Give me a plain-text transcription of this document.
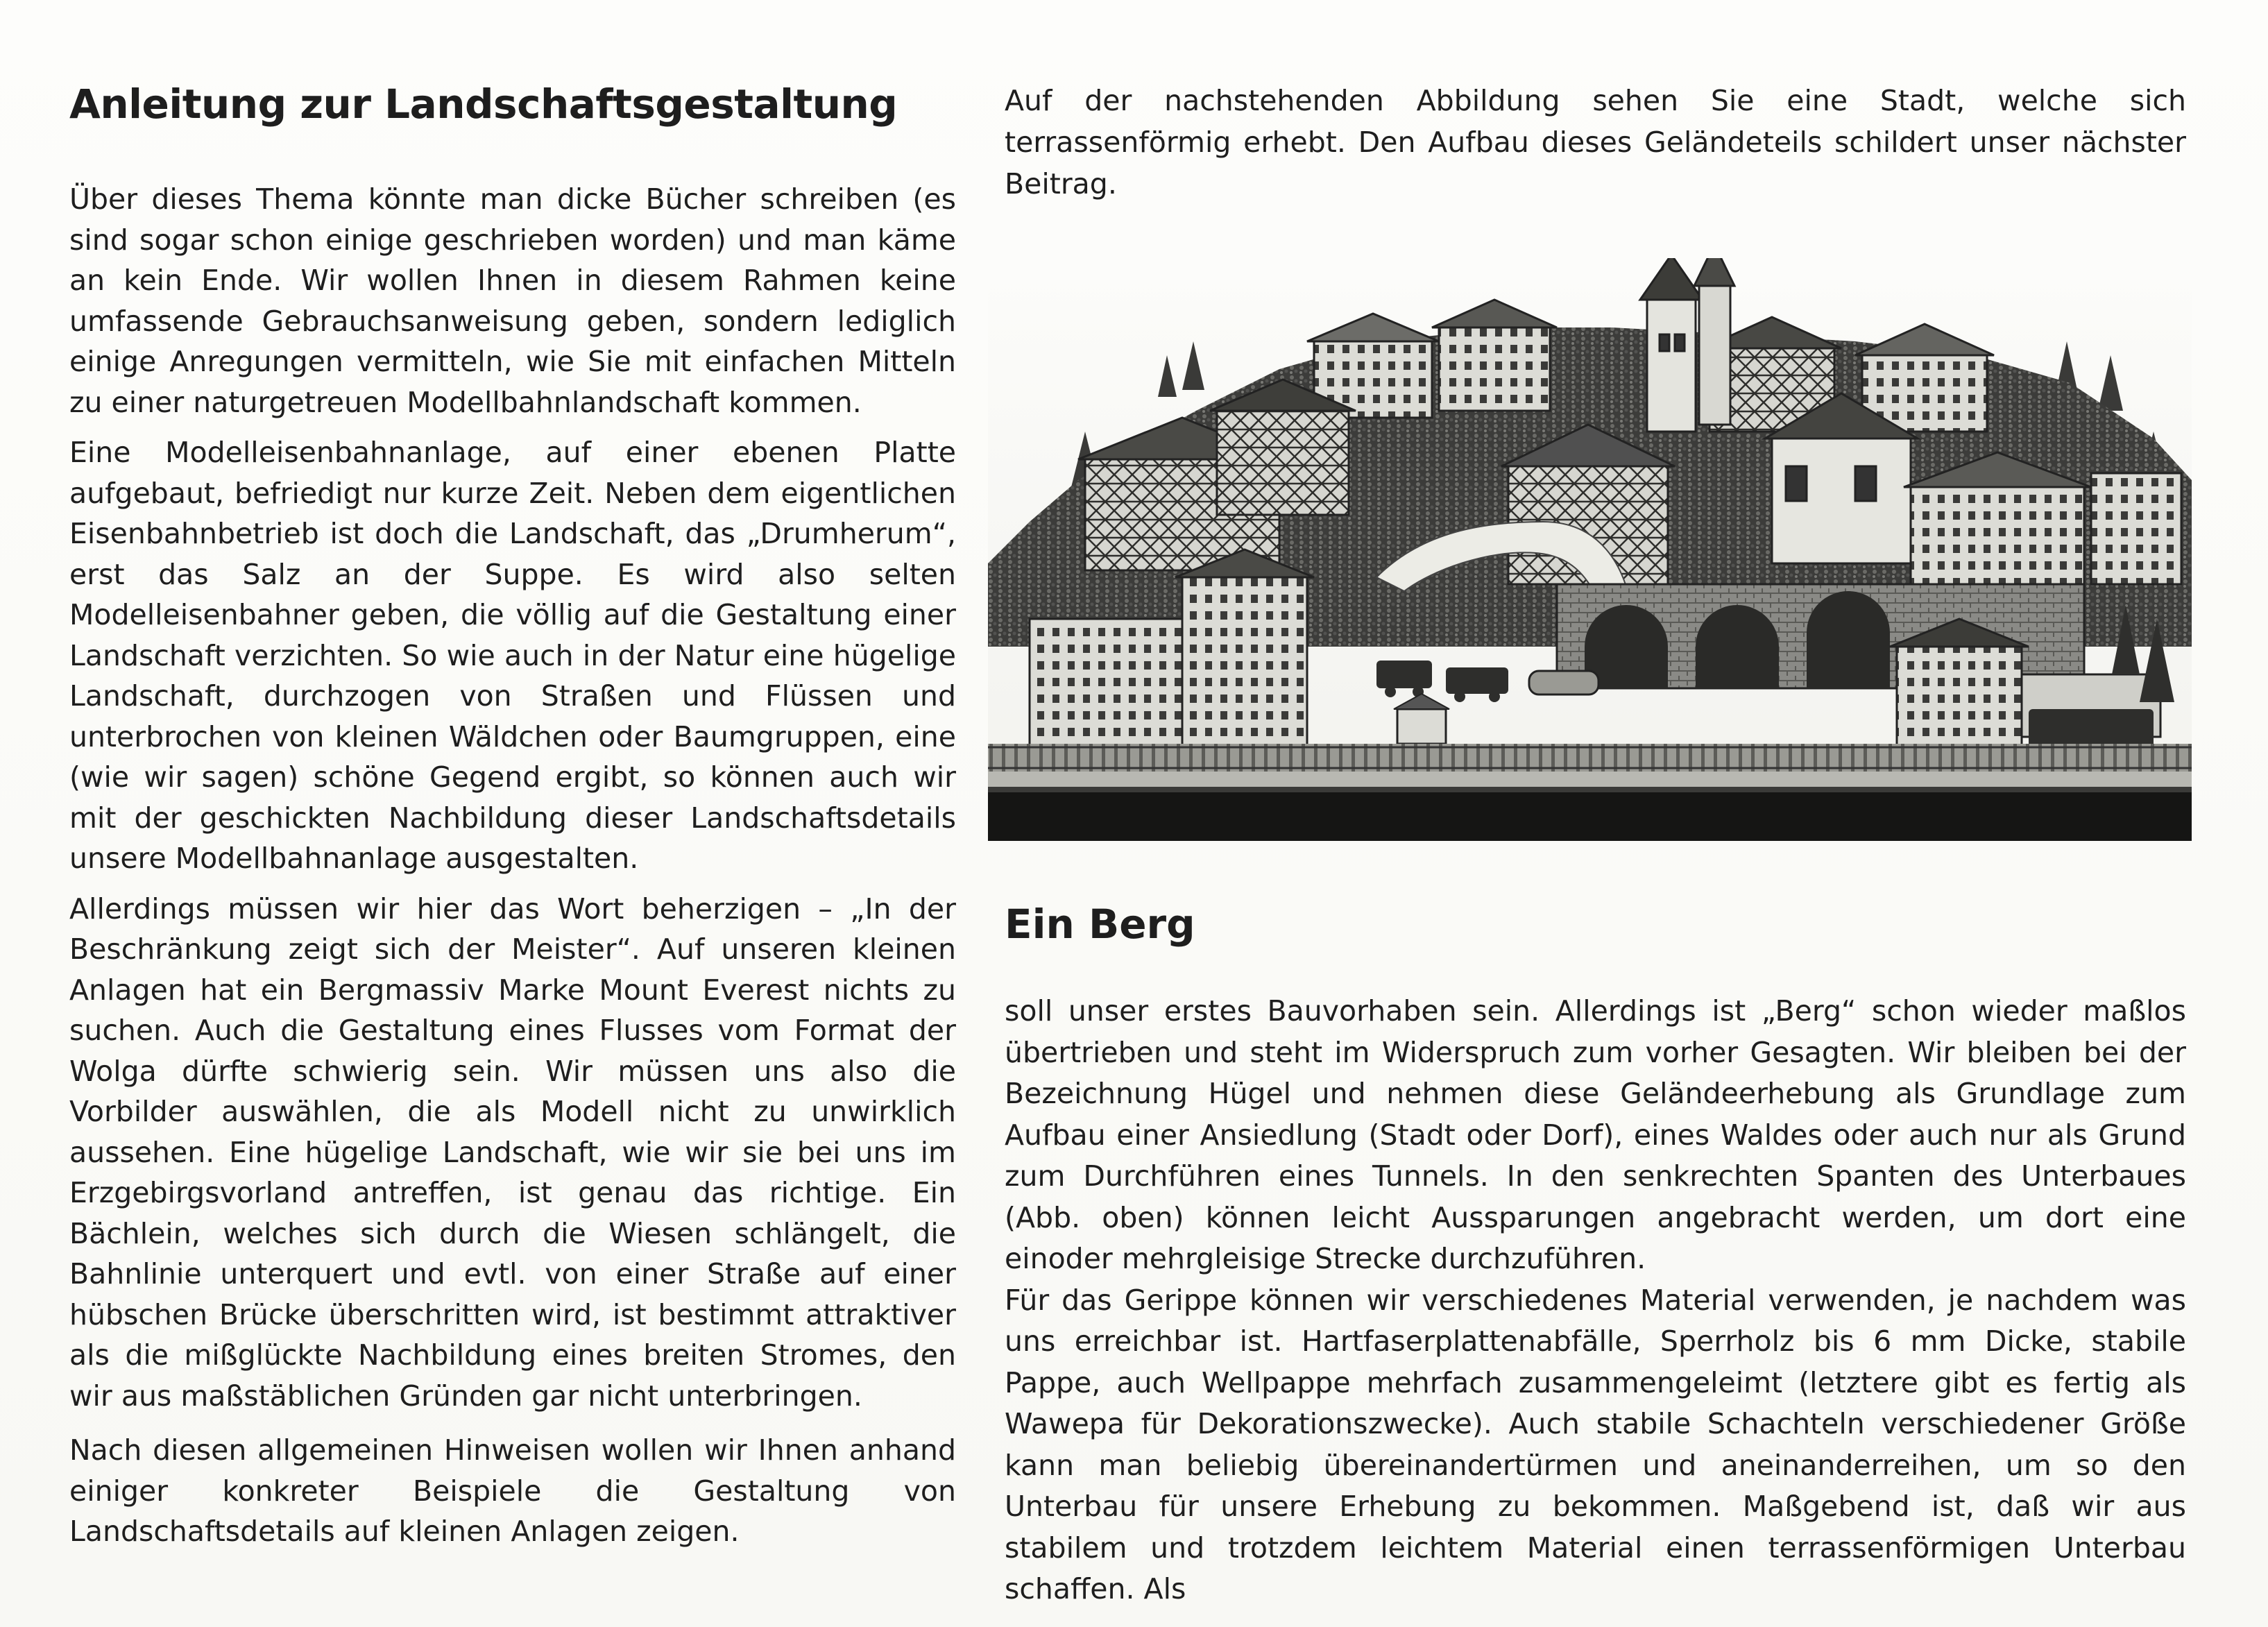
Anleitung zur Landschaftsgestaltung

Über dieses Thema könnte man dicke Bücher schreiben (es sind sogar schon einige geschrieben worden) und man käme an kein Ende. Wir wollen Ihnen in diesem Rahmen keine umfassende Gebrauchsanweisung geben, sondern lediglich einige Anregungen vermitteln, wie Sie mit einfachen Mitteln zu einer naturgetreuen Modellbahnlandschaft kommen.

Eine Modelleisenbahnanlage, auf einer ebenen Platte aufgebaut, befriedigt nur kurze Zeit. Neben dem eigentlichen Eisenbahnbetrieb ist doch die Landschaft, das „Drumherum“, erst das Salz an der Suppe. Es wird also selten Modelleisenbahner geben, die völlig auf die Gestaltung einer Landschaft verzichten. So wie auch in der Natur eine hügelige Landschaft, durchzogen von Straßen und Flüssen und unterbrochen von kleinen Wäldchen oder Baumgruppen, eine (wie wir sagen) schöne Gegend ergibt, so können auch wir mit der geschickten Nachbildung dieser Landschaftsdetails unsere Modellbahnanlage ausgestalten.

Allerdings müssen wir hier das Wort beherzigen – „In der Beschränkung zeigt sich der Meister“. Auf unseren kleinen Anlagen hat ein Bergmassiv Marke Mount Everest nichts zu suchen. Auch die Gestaltung eines Flusses vom Format der Wolga dürfte schwierig sein. Wir müssen uns also die Vorbilder auswählen, die als Modell nicht zu unwirklich aussehen. Eine hügelige Landschaft, wie wir sie bei uns im Erzgebirgsvorland antreffen, ist genau das richtige. Ein Bächlein, welches sich durch die Wiesen schlängelt, die Bahnlinie unterquert und evtl. von einer Straße auf einer hübschen Brücke überschritten wird, ist bestimmt attraktiver als die mißglückte Nachbildung eines breiten Stromes, den wir aus maßstäblichen Gründen gar nicht unterbringen.

Nach diesen allgemeinen Hinweisen wollen wir Ihnen anhand einiger konkreter Beispiele die Gestaltung von Landschaftsdetails auf kleinen Anlagen zeigen.

Auf der nachstehenden Abbildung sehen Sie eine Stadt, welche sich terrassenförmig erhebt. Den Aufbau dieses Geländeteils schildert unser nächster Beitrag.

Ein Berg

soll unser erstes Bauvorhaben sein. Allerdings ist „Berg“ schon wieder maßlos übertrieben und steht im Widerspruch zum vorher Gesagten. Wir bleiben bei der Bezeichnung Hügel und nehmen diese Geländeerhebung als Grundlage zum Aufbau einer Ansiedlung (Stadt oder Dorf), eines Waldes oder auch nur als Grund zum Durchführen eines Tunnels. In den senkrechten Spanten des Unterbaues (Abb. oben) können leicht Aussparungen angebracht werden, um dort eine einoder mehrgleisige Strecke durchzuführen.

Für das Gerippe können wir verschiedenes Material verwenden, je nachdem was uns erreichbar ist. Hartfaserplattenabfälle, Sperrholz bis 6 mm Dicke, stabile Pappe, auch Wellpappe mehrfach zusammengeleimt (letztere gibt es fertig als Wawepa für Dekorationszwecke). Auch stabile Schachteln verschiedener Größe kann man beliebig übereinandertürmen und aneinanderreihen, um so den Unterbau für unsere Erhebung zu bekommen. Maßgebend ist, daß wir aus stabilem und trotzdem leichtem Material einen terrassenförmigen Unterbau schaffen. Als
